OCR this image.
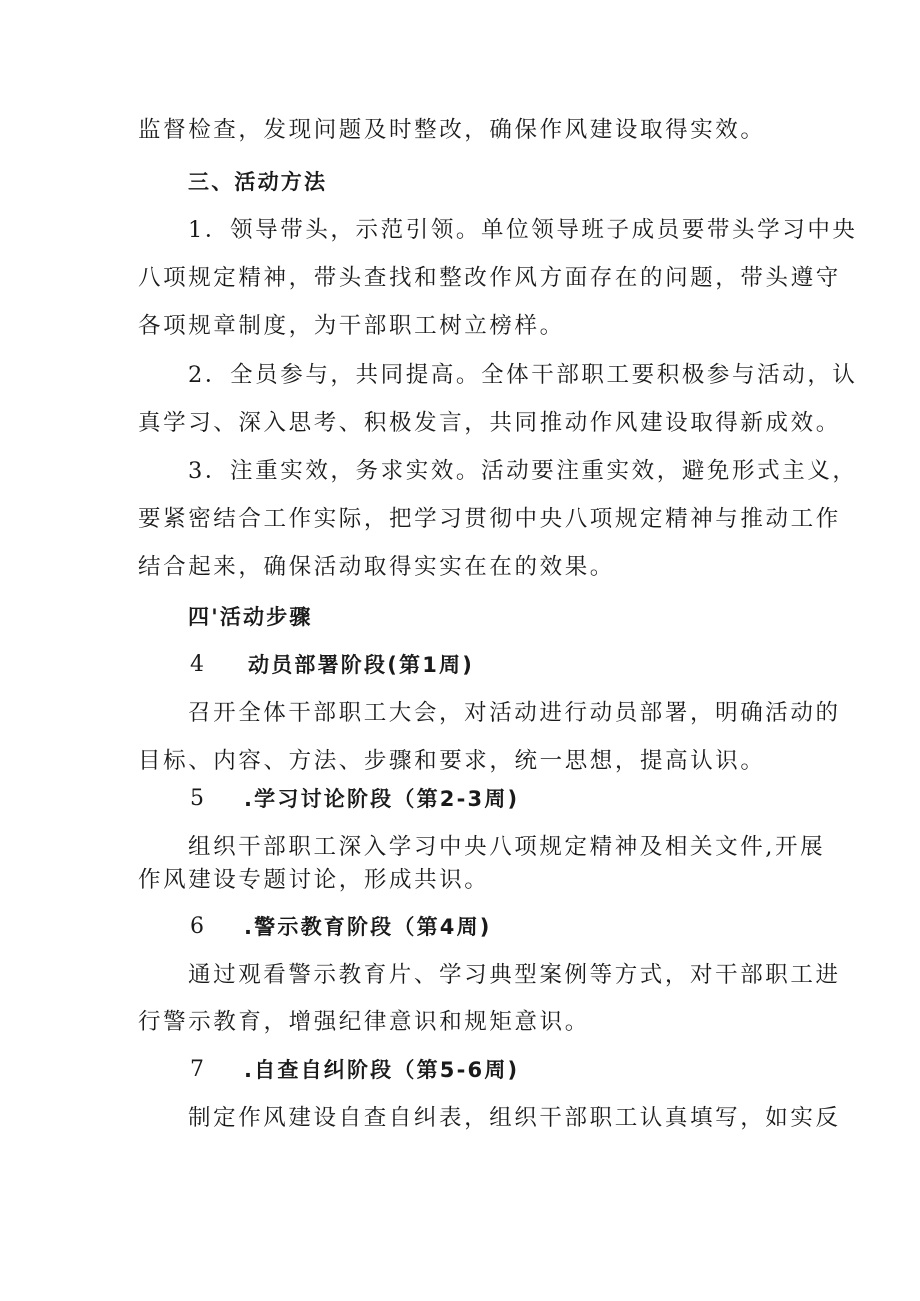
监督检查，发现问题及时整改，确保作风建设取得实效。
三、活动方法
1．领导带头，示范引领。单位领导班子成员要带头学习中央
八项规定精神，带头查找和整改作风方面存在的问题，带头遵守
各项规章制度，为干部职工树立榜样。
2．全员参与，共同提高。全体干部职工要积极参与活动，认
真学习、深入思考、积极发言，共同推动作风建设取得新成效。
3．注重实效，务求实效。活动要注重实效，避免形式主义，
要紧密结合工作实际，把学习贯彻中央八项规定精神与推动工作
结合起来，确保活动取得实实在在的效果。
四'活动步骤
4 动员部署阶段(第1周)
召开全体干部职工大会，对活动进行动员部署，明确活动的
目标、内容、方法、步骤和要求，统一思想，提高认识。
5 .学习讨论阶段（第2-3周)
组织干部职工深入学习中央八项规定精神及相关文件,开展
作风建设专题讨论，形成共识。
6 .警示教育阶段（第4周)
通过观看警示教育片、学习典型案例等方式，对干部职工进
行警示教育，增强纪律意识和规矩意识。
7 .自查自纠阶段（第5-6周)
制定作风建设自查自纠表，组织干部职工认真填写，如实反
